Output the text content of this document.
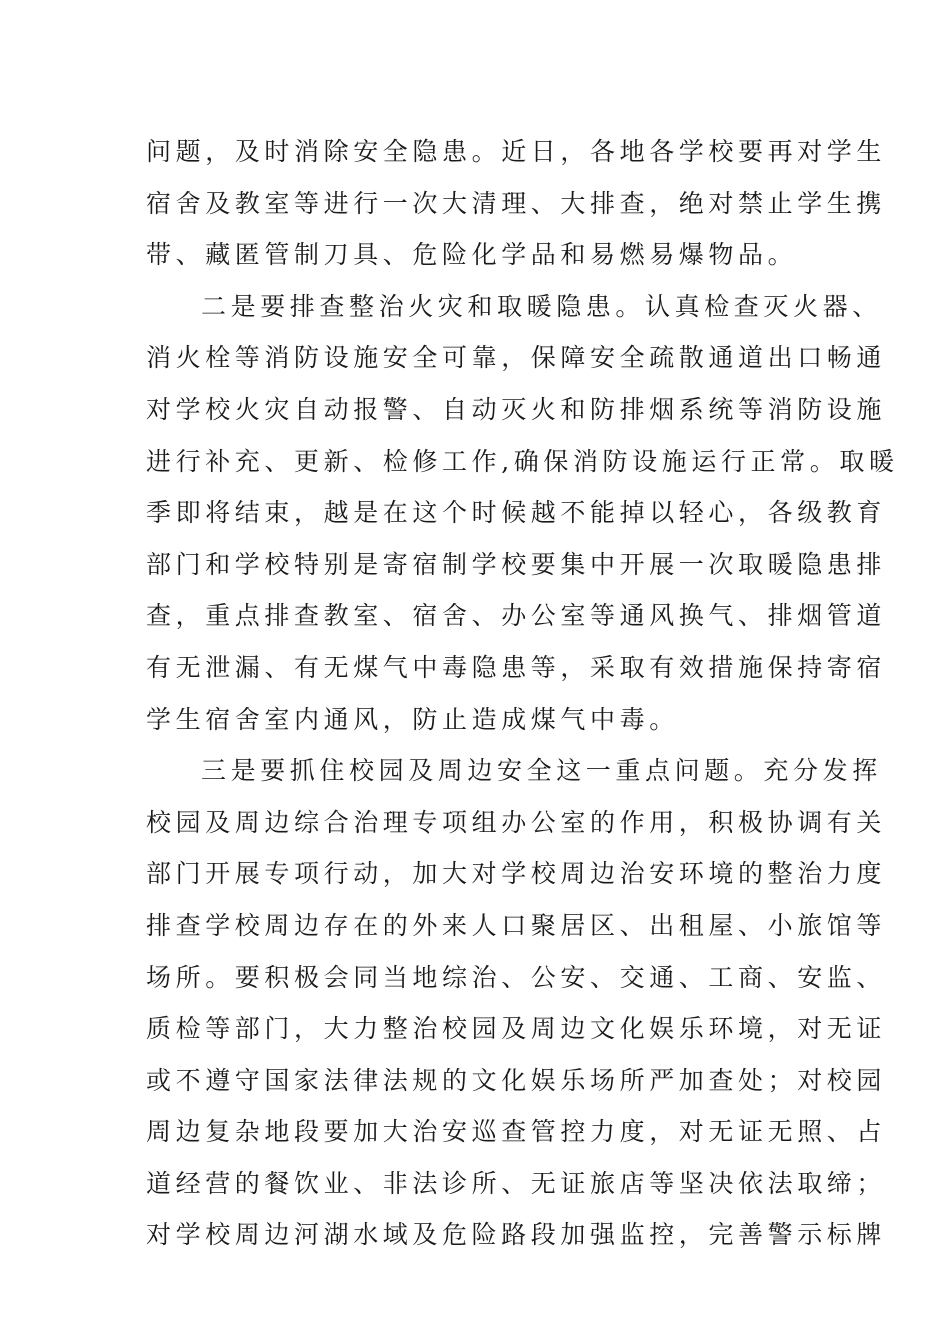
问题，及时消除安全隐患。近日，各地各学校要再对学生
宿舍及教室等进行一次大清理、大排查，绝对禁止学生携
带、藏匿管制刀具、危险化学品和易燃易爆物品。
二是要排查整治火灾和取暖隐患。认真检查灭火器、
消火栓等消防设施安全可靠，保障安全疏散通道出口畅通
对学校火灾自动报警、自动灭火和防排烟系统等消防设施
进行补充、更新、检修工作,确保消防设施运行正常。取暖
季即将结束，越是在这个时候越不能掉以轻心，各级教育
部门和学校特别是寄宿制学校要集中开展一次取暖隐患排
查，重点排查教室、宿舍、办公室等通风换气、排烟管道
有无泄漏、有无煤气中毒隐患等，采取有效措施保持寄宿
学生宿舍室内通风，防止造成煤气中毒。
三是要抓住校园及周边安全这一重点问题。充分发挥
校园及周边综合治理专项组办公室的作用，积极协调有关
部门开展专项行动，加大对学校周边治安环境的整治力度
排查学校周边存在的外来人口聚居区、出租屋、小旅馆等
场所。要积极会同当地综治、公安、交通、工商、安监、
质检等部门，大力整治校园及周边文化娱乐环境，对无证
或不遵守国家法律法规的文化娱乐场所严加查处；对校园
周边复杂地段要加大治安巡查管控力度，对无证无照、占
道经营的餐饮业、非法诊所、无证旅店等坚决依法取缔；
对学校周边河湖水域及危险路段加强监控，完善警示标牌
